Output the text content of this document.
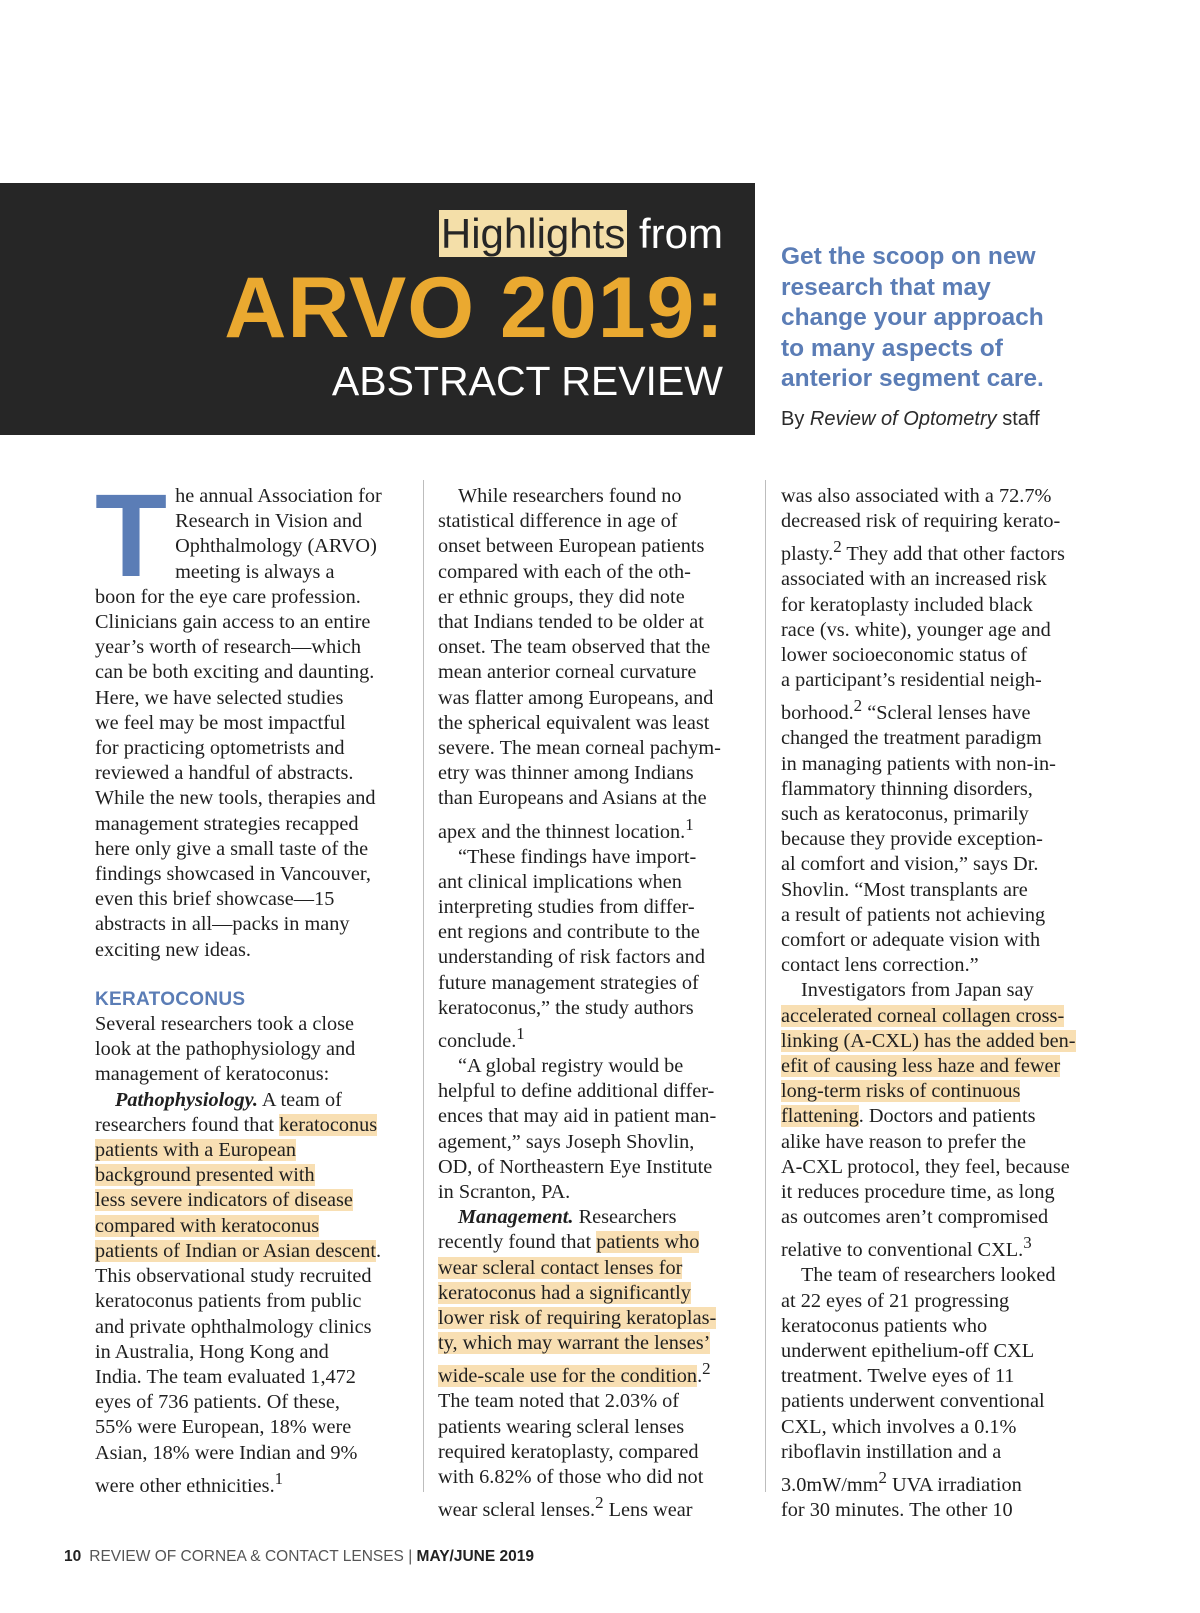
Highlights from
ARVO 2019:
ABSTRACT REVIEW
Get the scoop on new
research that may
change your approach
to many aspects of
anterior segment care.
By Review of Optometry staff
T he annual Association for
Research in Vision and
Ophthalmology (ARVO)
meeting is always a
boon for the eye care profession.
Clinicians gain access to an entire
year’s worth of research—which
can be both exciting and daunting.
Here, we have selected studies
we feel may be most impactful
for practicing optometrists and
reviewed a handful of abstracts.
While the new tools, therapies and
management strategies recapped
here only give a small taste of the
findings showcased in Vancouver,
even this brief showcase—15
abstracts in all—packs in many
exciting new ideas.
KERATOCONUS
Several researchers took a close
look at the pathophysiology and
management of keratoconus:
Pathophysiology. A team of
researchers found that keratoconus
patients with a European
background presented with
less severe indicators of disease
compared with keratoconus
patients of Indian or Asian descent.
This observational study recruited
keratoconus patients from public
and private ophthalmology clinics
in Australia, Hong Kong and
India. The team evaluated 1,472
eyes of 736 patients. Of these,
55% were European, 18% were
Asian, 18% were Indian and 9%
were other ethnicities.$^1$
While researchers found no
statistical difference in age of
onset between European patients
compared with each of the oth-
er ethnic groups, they did note
that Indians tended to be older at
onset. The team observed that the
mean anterior corneal curvature
was flatter among Europeans, and
the spherical equivalent was least
severe. The mean corneal pachym-
etry was thinner among Indians
than Europeans and Asians at the
apex and the thinnest location.$^1$
“These findings have import-
ant clinical implications when
interpreting studies from differ-
ent regions and contribute to the
understanding of risk factors and
future management strategies of
keratoconus,” the study authors
conclude.$^1$
“A global registry would be
helpful to define additional differ-
ences that may aid in patient man-
agement,” says Joseph Shovlin,
OD, of Northeastern Eye Institute
in Scranton, PA.
Management. Researchers
recently found that patients who
wear scleral contact lenses for
keratoconus had a significantly
lower risk of requiring keratoplas-
ty, which may warrant the lenses’
wide-scale use for the condition.$^2$
The team noted that 2.03% of
patients wearing scleral lenses
required keratoplasty, compared
with 6.82% of those who did not
wear scleral lenses.$^2$ Lens wear
was also associated with a 72.7%
decreased risk of requiring kerato-
plasty.$^2$ They add that other factors
associated with an increased risk
for keratoplasty included black
race (vs. white), younger age and
lower socioeconomic status of
a participant’s residential neigh-
borhood.$^2$ “Scleral lenses have
changed the treatment paradigm
in managing patients with non-in-
flammatory thinning disorders,
such as keratoconus, primarily
because they provide exception-
al comfort and vision,” says Dr.
Shovlin. “Most transplants are
a result of patients not achieving
comfort or adequate vision with
contact lens correction.”
Investigators from Japan say
accelerated corneal collagen cross-
linking (A-CXL) has the added ben-
efit of causing less haze and fewer
long-term risks of continuous
flattening. Doctors and patients
alike have reason to prefer the
A-CXL protocol, they feel, because
it reduces procedure time, as long
as outcomes aren’t compromised
relative to conventional CXL.$^3$
The team of researchers looked
at 22 eyes of 21 progressing
keratoconus patients who
underwent epithelium-off CXL
treatment. Twelve eyes of 11
patients underwent conventional
CXL, which involves a 0.1%
riboflavin instillation and a
$3.0mW/mm^2$ UVA irradiation
for 30 minutes. The other 10
10 REVIEW OF CORNEA & CONTACT LENSES | MAY/JUNE 2019
